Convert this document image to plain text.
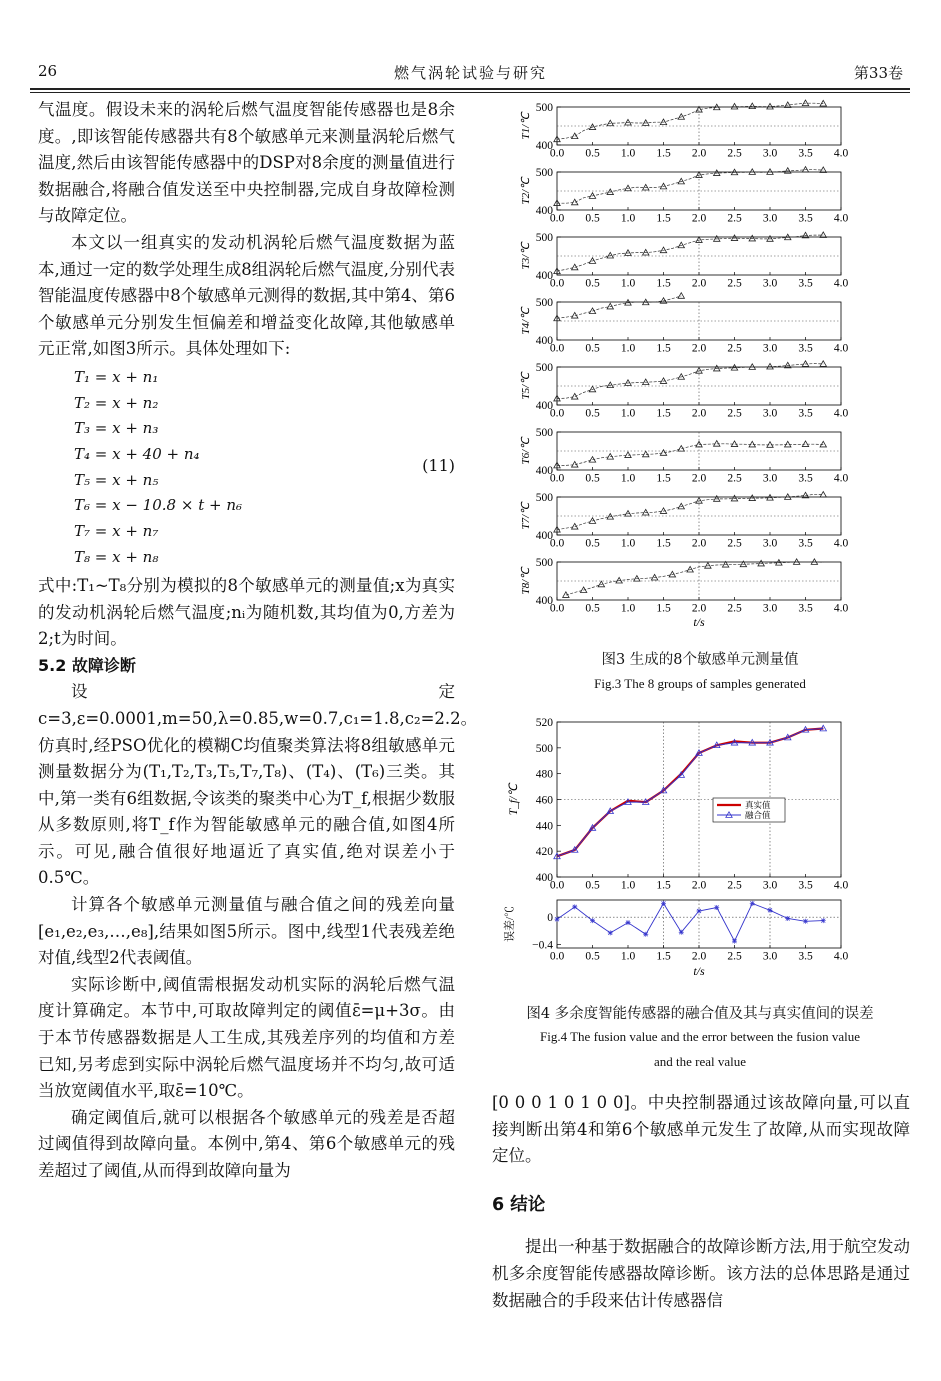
26	燃气涡轮试验与研究	第33卷

气温度。假设未来的涡轮后燃气温度智能传感器也是8余度。,即该智能传感器共有8个敏感单元来测量涡轮后燃气温度,然后由该智能传感器中的DSP对8余度的测量值进行数据融合,将融合值发送至中央控制器,完成自身故障检测与故障定位。

本文以一组真实的发动机涡轮后燃气温度数据为蓝本,通过一定的数学处理生成8组涡轮后燃气温度,分别代表智能温度传感器中8个敏感单元测得的数据,其中第4、第6个敏感单元分别发生恒偏差和增益变化故障,其他敏感单元正常,如图3所示。具体处理如下:

T₁ = x + n₁
T₂ = x + n₂
T₃ = x + n₃
T₄ = x + 40 + n₄
T₅ = x + n₅
T₆ = x − 10.8 × t + n₆
T₇ = x + n₇
T₈ = x + n₈
(11)

式中:T₁~T₈分别为模拟的8个敏感单元的测量值;x为真实的发动机涡轮后燃气温度;nᵢ为随机数,其均值为0,方差为2;t为时间。

5.2 故障诊断

设定c=3,ε=0.0001,m=50,λ=0.85,w=0.7,c₁=1.8,c₂=2.2。仿真时,经PSO优化的模糊C均值聚类算法将8组敏感单元测量数据分为(T₁,T₂,T₃,T₅,T₇,T₈)、(T₄)、(T₆)三类。其中,第一类有6组数据,令该类的聚类中心为T_f,根据少数服从多数原则,将T_f作为智能敏感单元的融合值,如图4所示。可见,融合值很好地逼近了真实值,绝对误差小于0.5℃。

计算各个敏感单元测量值与融合值之间的残差向量[e₁,e₂,e₃,…,e₈],结果如图5所示。图中,线型1代表残差绝对值,线型2代表阈值。

实际诊断中,阈值需根据发动机实际的涡轮后燃气温度计算确定。本节中,可取故障判定的阈值ε̄=μ+3σ。由于本节传感器数据是人工生成,其残差序列的均值和方差已知,另考虑到实际中涡轮后燃气温度场并不均匀,故可适当放宽阈值水平,取ε̄=10℃。

确定阈值后,就可以根据各个敏感单元的残差是否超过阈值得到故障向量。本例中,第4、第6个敏感单元的残差超过了阈值,从而得到故障向量为

400
500
0.0 0.5 1.0 1.5 2.0 2.5 3.0 3.5 4.0
T1/℃
400
500
0.0 0.5 1.0 1.5 2.0 2.5 3.0 3.5 4.0
T2/℃
400
500
0.0 0.5 1.0 1.5 2.0 2.5 3.0 3.5 4.0
T3/℃
400
500
0.0 0.5 1.0 1.5 2.0 2.5 3.0 3.5 4.0
T4/℃
400
500
0.0 0.5 1.0 1.5 2.0 2.5 3.0 3.5 4.0
T5/℃
400
500
0.0 0.5 1.0 1.5 2.0 2.5 3.0 3.5 4.0
T6/℃
400
500
0.0 0.5 1.0 1.5 2.0 2.5 3.0 3.5 4.0
T7/℃
400
500
0.0 0.5 1.0 1.5 2.0 2.5 3.0 3.5 4.0
T8/℃
t/s
图3 生成的8个敏感单元测量值
Fig.3 The 8 groups of samples generated
400
420
440
460
480
500
520
0.0 0.5 1.0 1.5 2.0 2.5 3.0 3.5 4.0
T_f/℃	真实值
融合值
0
−0.4
0.0 0.5 1.0 1.5 2.0 2.5 3.0 3.5 4.0
误差/℃
t/s
图4 多余度智能传感器的融合值及其与真实值间的误差
Fig.4 The fusion value and the error between the fusion value
and the real value

[0 0 0 1 0 1 0 0]。中央控制器通过该故障向量,可以直接判断出第4和第6个敏感单元发生了故障,从而实现故障定位。

6 结论

提出一种基于数据融合的故障诊断方法,用于航空发动机多余度智能传感器故障诊断。该方法的总体思路是通过数据融合的手段来估计传感器信
